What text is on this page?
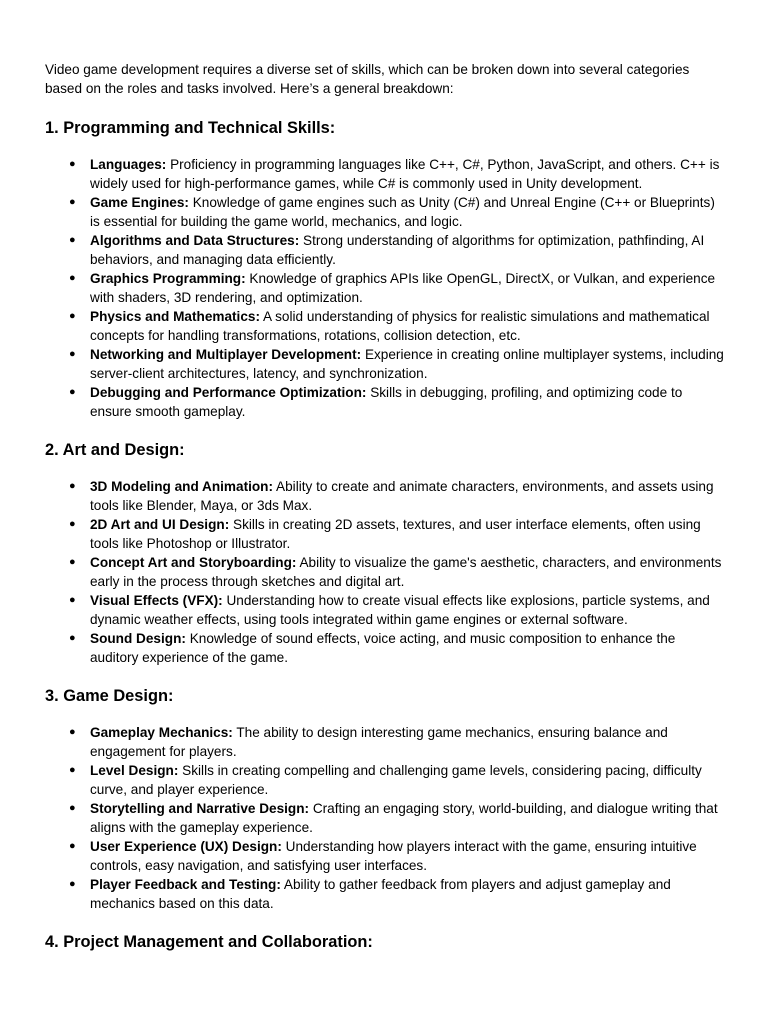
Video game development requires a diverse set of skills, which can be broken down into several categories based on the roles and tasks involved. Here’s a general breakdown:

1. Programming and Technical Skills:
● Languages: Proficiency in programming languages like C++, C#, Python, JavaScript, and others. C++ is widely used for high-performance games, while C# is commonly used in Unity development.
● Game Engines: Knowledge of game engines such as Unity (C#) and Unreal Engine (C++ or Blueprints) is essential for building the game world, mechanics, and logic.
● Algorithms and Data Structures: Strong understanding of algorithms for optimization, pathfinding, AI behaviors, and managing data efficiently.
● Graphics Programming: Knowledge of graphics APIs like OpenGL, DirectX, or Vulkan, and experience with shaders, 3D rendering, and optimization.
● Physics and Mathematics: A solid understanding of physics for realistic simulations and mathematical concepts for handling transformations, rotations, collision detection, etc.
● Networking and Multiplayer Development: Experience in creating online multiplayer systems, including server-client architectures, latency, and synchronization.
● Debugging and Performance Optimization: Skills in debugging, profiling, and optimizing code to ensure smooth gameplay.
2. Art and Design:
● 3D Modeling and Animation: Ability to create and animate characters, environments, and assets using tools like Blender, Maya, or 3ds Max.
● 2D Art and UI Design: Skills in creating 2D assets, textures, and user interface elements, often using tools like Photoshop or Illustrator.
● Concept Art and Storyboarding: Ability to visualize the game's aesthetic, characters, and environments early in the process through sketches and digital art.
● Visual Effects (VFX): Understanding how to create visual effects like explosions, particle systems, and dynamic weather effects, using tools integrated within game engines or external software.
● Sound Design: Knowledge of sound effects, voice acting, and music composition to enhance the auditory experience of the game.
3. Game Design:
● Gameplay Mechanics: The ability to design interesting game mechanics, ensuring balance and engagement for players.
● Level Design: Skills in creating compelling and challenging game levels, considering pacing, difficulty curve, and player experience.
● Storytelling and Narrative Design: Crafting an engaging story, world-building, and dialogue writing that aligns with the gameplay experience.
● User Experience (UX) Design: Understanding how players interact with the game, ensuring intuitive controls, easy navigation, and satisfying user interfaces.
● Player Feedback and Testing: Ability to gather feedback from players and adjust gameplay and mechanics based on this data.
4. Project Management and Collaboration:
